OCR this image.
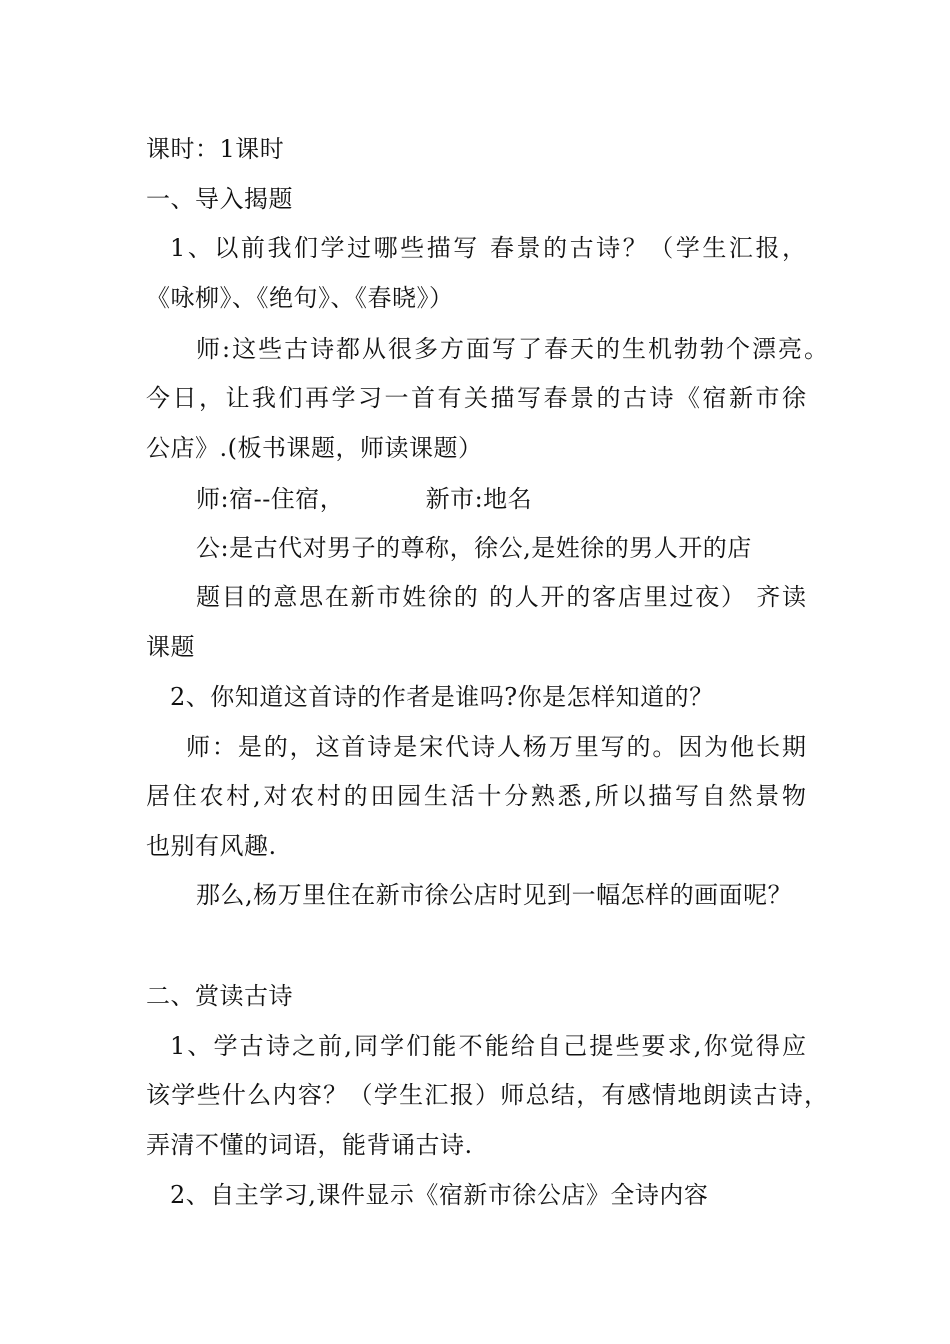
课时：1课时
一、导入揭题
1、以前我们学过哪些描写 春景的古诗？（学生汇报，
《咏柳》、《绝句》、《春晓》）
师:这些古诗都从很多方面写了春天的生机勃勃个漂亮。
今日，让我们再学习一首有关描写春景的古诗《宿新市徐
公店》.(板书课题，师读课题）
师:宿--住宿，          新市:地名
公:是古代对男子的尊称，徐公,是姓徐的男人开的店
题目的意思在新市姓徐的 的人开的客店里过夜） 齐读
课题
2、你知道这首诗的作者是谁吗?你是怎样知道的？
师：是的，这首诗是宋代诗人杨万里写的。因为他长期
居住农村,对农村的田园生活十分熟悉,所以描写自然景物
也别有风趣.
那么,杨万里住在新市徐公店时见到一幅怎样的画面呢？
二、赏读古诗
1、学古诗之前,同学们能不能给自己提些要求,你觉得应
该学些什么内容？（学生汇报）师总结，有感情地朗读古诗，
弄清不懂的词语，能背诵古诗.
2、自主学习,课件显示《宿新市徐公店》全诗内容
